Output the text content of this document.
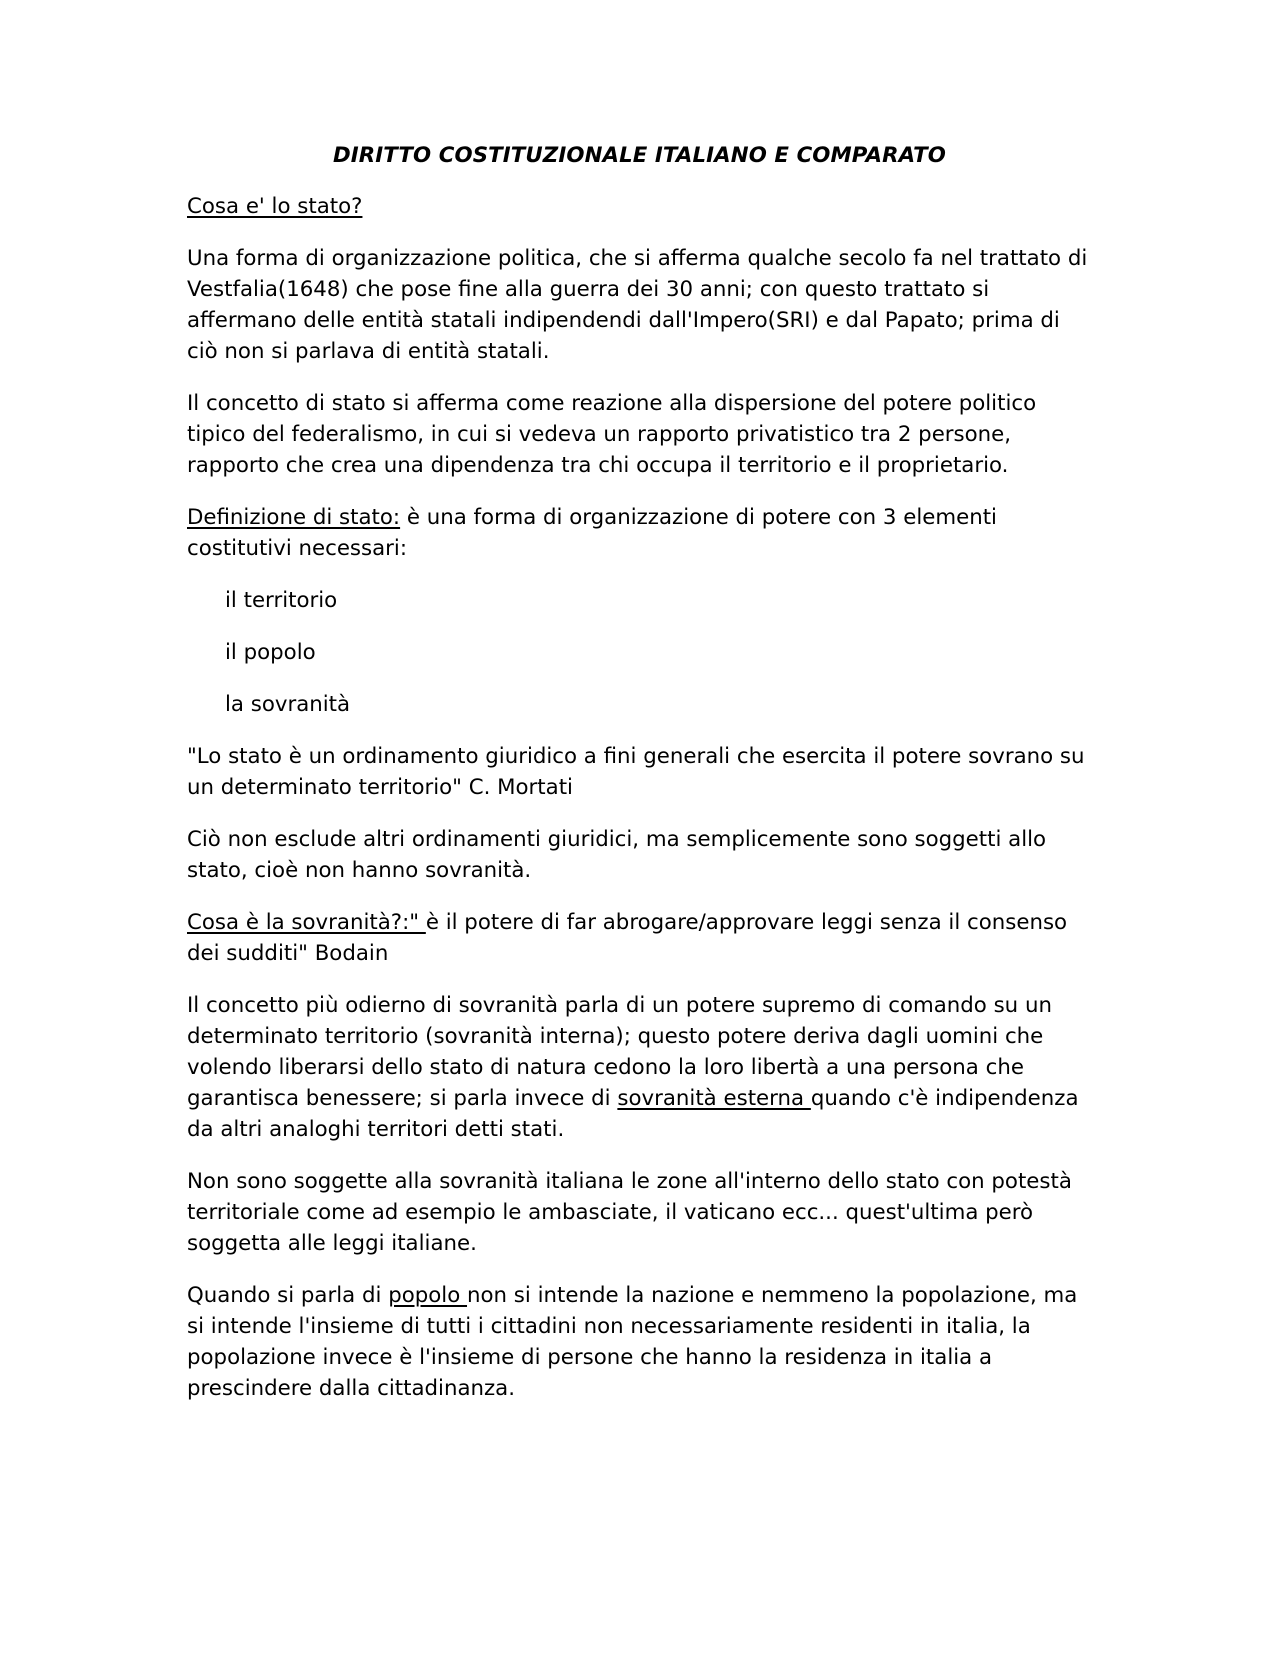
DIRITTO COSTITUZIONALE ITALIANO E COMPARATO

Cosa e' lo stato?

Una forma di organizzazione politica, che si afferma qualche secolo fa nel trattato di Vestfalia(1648) che pose fine alla guerra dei 30 anni; con questo trattato si affermano delle entità statali indipendendi dall'Impero(SRI) e dal Papato; prima di ciò non si parlava di entità statali.

Il concetto di stato si afferma come reazione alla dispersione del potere politico tipico del federalismo, in cui si vedeva un rapporto privatistico tra 2 persone, rapporto che crea una dipendenza tra chi occupa il territorio e il proprietario.

Definizione di stato: è una forma di organizzazione di potere con 3 elementi costitutivi necessari:

il territorio

il popolo

la sovranità

"Lo stato è un ordinamento giuridico a fini generali che esercita il potere sovrano su un determinato territorio" C. Mortati

Ciò non esclude altri ordinamenti giuridici, ma semplicemente sono soggetti allo stato, cioè non hanno sovranità.

Cosa è la sovranità?:" è il potere di far abrogare/approvare leggi senza il consenso dei sudditi" Bodain

Il concetto più odierno di sovranità parla di un potere supremo di comando su un determinato territorio (sovranità interna); questo potere deriva dagli uomini che volendo liberarsi dello stato di natura cedono la loro libertà a una persona che garantisca benessere; si parla invece di sovranità esterna quando c'è indipendenza da altri analoghi territori detti stati.

Non sono soggette alla sovranità italiana le zone all'interno dello stato con potestà territoriale come ad esempio le ambasciate, il vaticano ecc... quest'ultima però soggetta alle leggi italiane.

Quando si parla di popolo non si intende la nazione e nemmeno la popolazione, ma si intende l'insieme di tutti i cittadini non necessariamente residenti in italia, la popolazione invece è l'insieme di persone che hanno la residenza in italia a prescindere dalla cittadinanza.
